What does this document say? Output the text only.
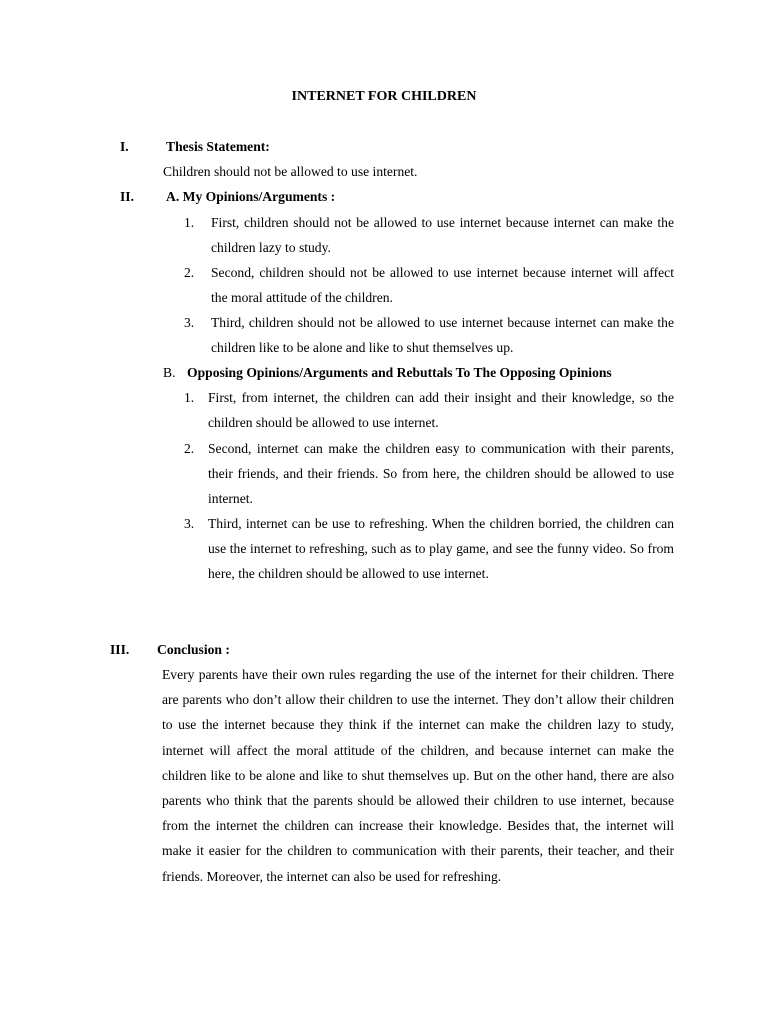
INTERNET FOR CHILDREN
I.	Thesis Statement:
Children should not be allowed to use internet.
II. A. My Opinions/Arguments :
1. First, children should not be allowed to use internet because internet can make the children lazy to study.
2. Second, children should not be allowed to use internet because internet will affect the moral attitude of the children.
3. Third, children should not be allowed to use internet because internet can make the children like to be alone and like to shut themselves up.
B. Opposing Opinions/Arguments and Rebuttals To The Opposing Opinions
1. First, from internet, the children can add their insight and their knowledge, so the children should be allowed to use internet.
2. Second, internet can make the children easy to communication with their parents, their friends, and their friends. So from here, the children should be allowed to use internet.
3. Third, internet can be use to refreshing. When the children borried, the children can use the internet to refreshing, such as to play game, and see the funny video. So from here, the children should be allowed to use internet.
III. Conclusion :
Every parents have their own rules regarding the use of the internet for their children. There are parents who don’t allow their children to use the internet. They don’t allow their children to use the internet because they think if the internet can make the children lazy to study, internet will affect the moral attitude of the children, and because internet can make the children like to be alone and like to shut themselves up. But on the other hand, there are also parents who think that the parents should be allowed their children to use internet, because from the internet the children can increase their knowledge. Besides that, the internet will make it easier for the children to communication with their parents, their teacher, and their friends. Moreover, the internet can also be used for refreshing.
